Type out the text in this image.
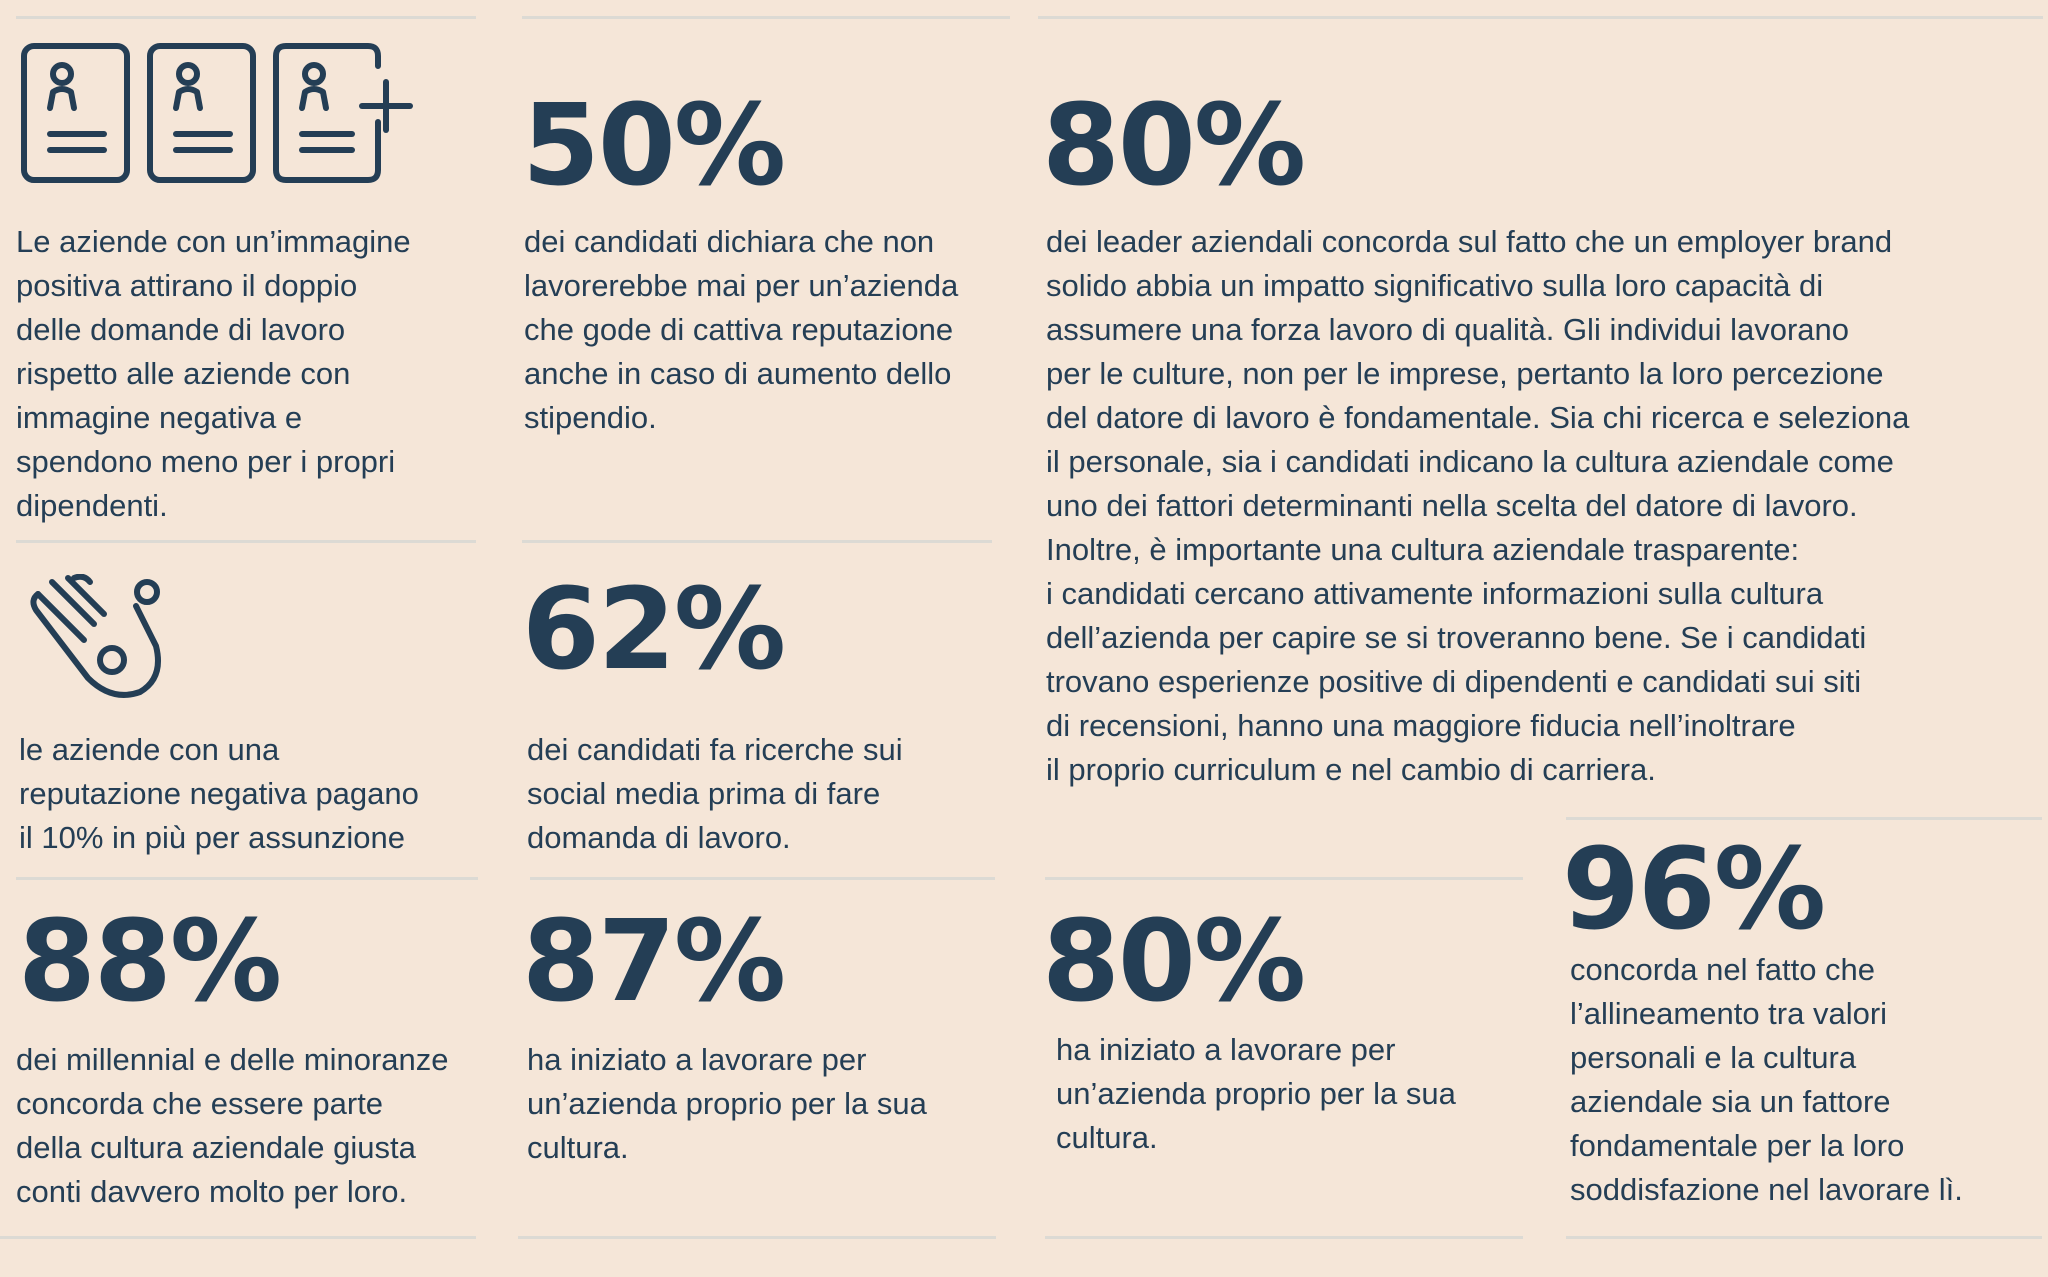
Le aziende con un’immagine
positiva attirano il doppio
delle domande di lavoro
rispetto alle aziende con
immagine negativa e
spendono meno per i propri
dipendenti.

50%

dei candidati dichiara che non
lavorerebbe mai per un’azienda
che gode di cattiva reputazione
anche in caso di aumento dello
stipendio.

80%

dei leader aziendali concorda sul fatto che un employer brand
solido abbia un impatto significativo sulla loro capacità di
assumere una forza lavoro di qualità. Gli individui lavorano
per le culture, non per le imprese, pertanto la loro percezione
del datore di lavoro è fondamentale. Sia chi ricerca e seleziona
il personale, sia i candidati indicano la cultura aziendale come
uno dei fattori determinanti nella scelta del datore di lavoro.
Inoltre, è importante una cultura aziendale trasparente:
i candidati cercano attivamente informazioni sulla cultura
dell’azienda per capire se si troveranno bene. Se i candidati
trovano esperienze positive di dipendenti e candidati sui siti
di recensioni, hanno una maggiore fiducia nell’inoltrare
il proprio curriculum e nel cambio di carriera.

le aziende con una
reputazione negativa pagano
il 10% in più per assunzione

62%

dei candidati fa ricerche sui
social media prima di fare
domanda di lavoro.

88%

dei millennial e delle minoranze
concorda che essere parte
della cultura aziendale giusta
conti davvero molto per loro.

87%

ha iniziato a lavorare per
un’azienda proprio per la sua
cultura.

80%

ha iniziato a lavorare per
un’azienda proprio per la sua
cultura.

96%

concorda nel fatto che
l’allineamento tra valori
personali e la cultura
aziendale sia un fattore
fondamentale per la loro
soddisfazione nel lavorare lì.
